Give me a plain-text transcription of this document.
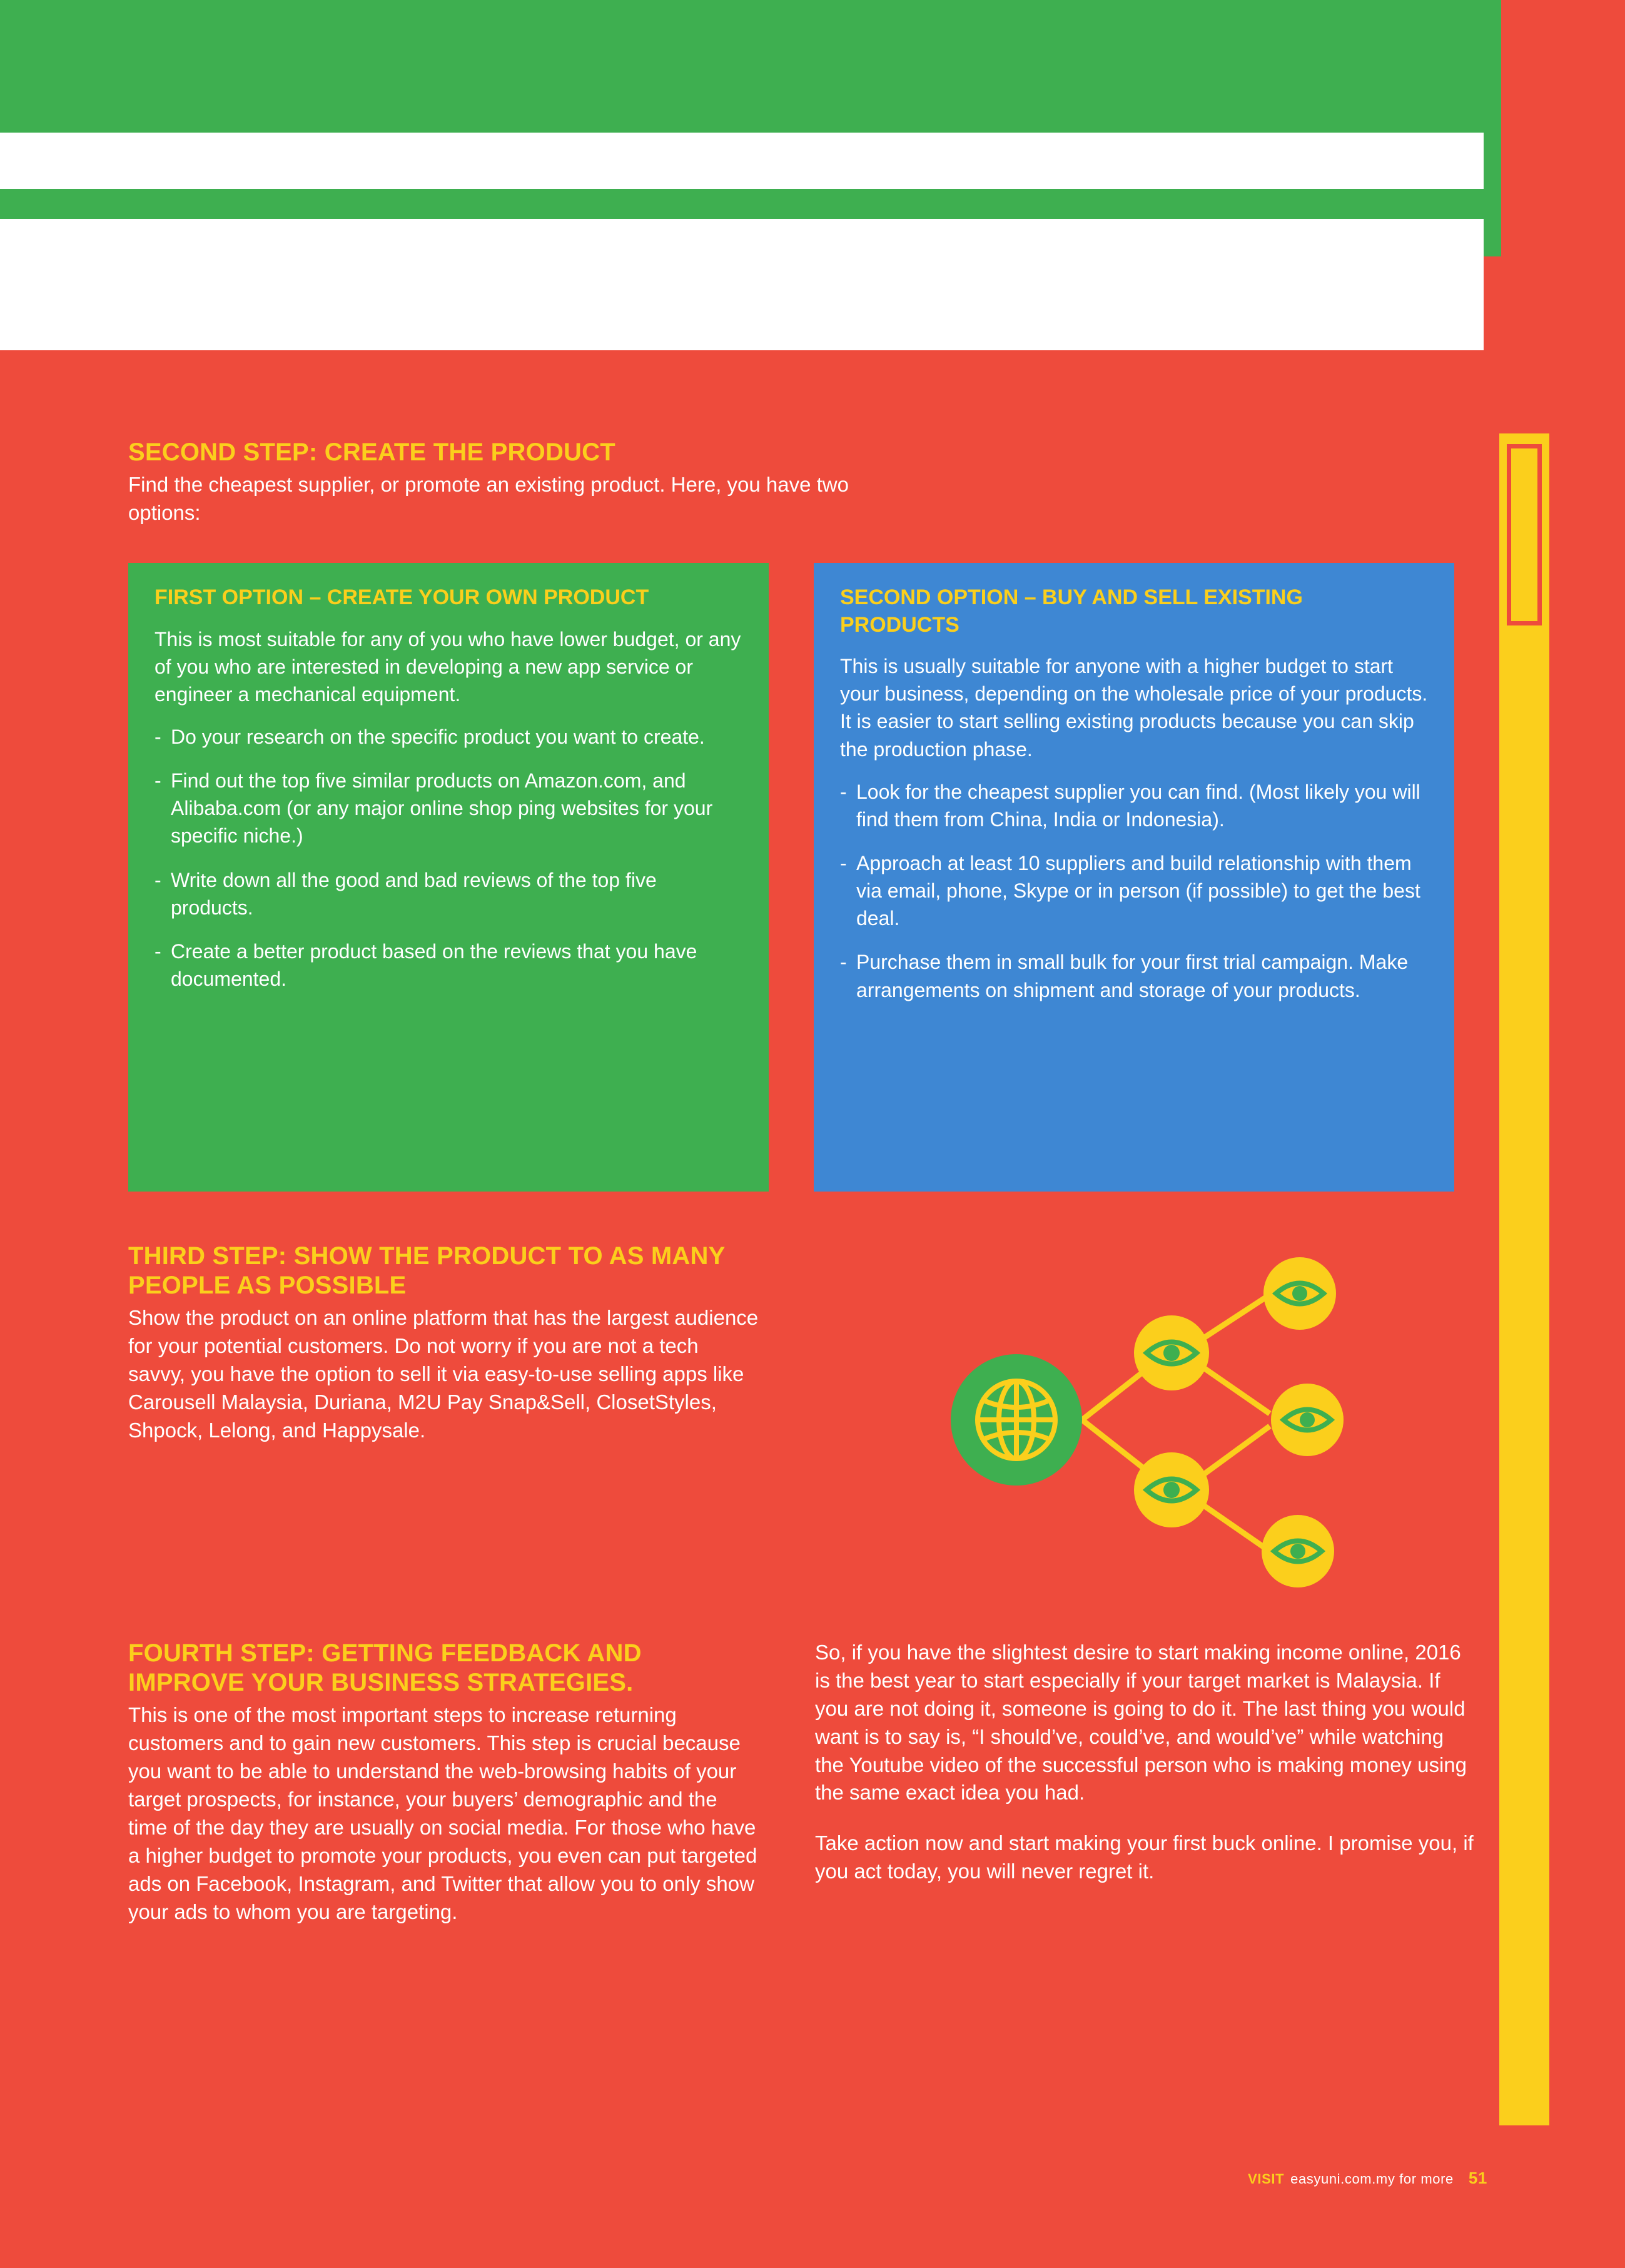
SECOND STEP: CREATE THE PRODUCT
Find the cheapest supplier, or promote an existing product. Here, you have two options:
FIRST OPTION – CREATE YOUR OWN PRODUCT

This is most suitable for any of you who have lower budget, or any of you who are interested in developing a new app service or engineer a mechanical equipment.

- Do your research on the specific product you want to create.
- Find out the top five similar products on Amazon.com, and Alibaba.com (or any major online shop ping websites for your specific niche.)
- Write down all the good and bad reviews of the top five products.
- Create a better product based on the reviews that you have documented.
SECOND OPTION – BUY AND SELL EXISTING PRODUCTS

This is usually suitable for anyone with a higher budget to start your business, depending on the wholesale price of your products. It is easier to start selling existing products because you can skip the production phase.

- Look for the cheapest supplier you can find. (Most likely you will find them from China, India or Indonesia).
- Approach at least 10 suppliers and build relationship with them via email, phone, Skype or in person (if possible) to get the best deal.
- Purchase them in small bulk for your first trial campaign. Make arrangements on shipment and storage of your products.
THIRD STEP: SHOW THE PRODUCT TO AS MANY PEOPLE AS POSSIBLE
Show the product on an online platform that has the largest audience for your potential customers. Do not worry if you are not a tech savvy, you have the option to sell it via easy-to-use selling apps like Carousell Malaysia, Duriana, M2U Pay Snap&Sell, ClosetStyles, Shpock, Lelong, and Happysale.
FOURTH STEP: GETTING FEEDBACK AND IMPROVE YOUR BUSINESS STRATEGIES.
This is one of the most important steps to increase returning customers and to gain new customers. This step is crucial because you want to be able to understand the web-browsing habits of your target prospects, for instance, your buyers’ demographic and the time of the day they are usually on social media. For those who have a higher budget to promote your products, you even can put targeted ads on Facebook, Instagram, and Twitter that allow you to only show your ads to whom you are targeting.

So, if you have the slightest desire to start making income online, 2016 is the best year to start especially if your target market is Malaysia. If you are not doing it, someone is going to do it. The last thing you would want is to say is, “I should’ve, could’ve, and would’ve” while watching the Youtube video of the successful person who is making money using the same exact idea you had.

Take action now and start making your first buck online. I promise you, if you act today, you will never regret it.

VISIT easyuni.com.my for more 51
